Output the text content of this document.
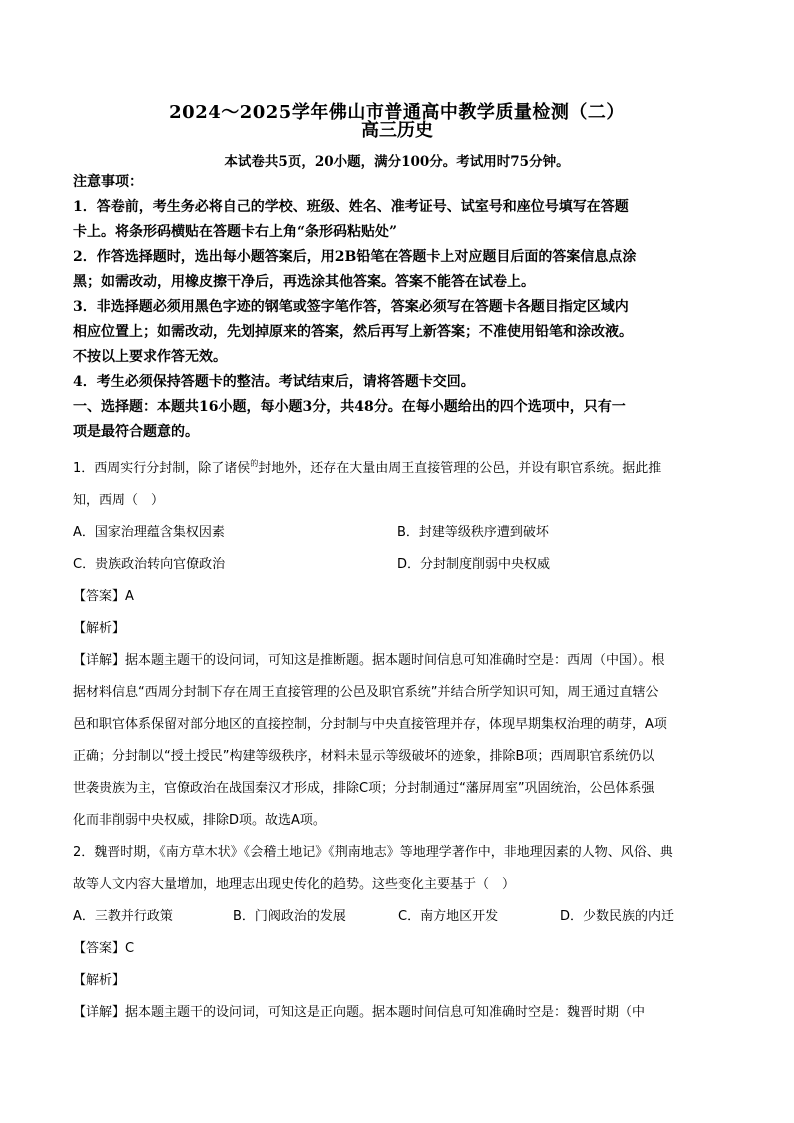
2024～2025学年佛山市普通高中教学质量检测（二）
高三历史
本试卷共5页，20小题，满分100分。考试用时75分钟。

注意事项：

1．答卷前，考生务必将自己的学校、班级、姓名、准考证号、试室号和座位号填写在答题

卡上。将条形码横贴在答题卡右上角“条形码粘贴处”

2．作答选择题时，选出每小题答案后，用2B铅笔在答题卡上对应题目后面的答案信息点涂

黑；如需改动，用橡皮擦干净后，再选涂其他答案。答案不能答在试卷上。

3．非选择题必须用黑色字迹的钢笔或签字笔作答，答案必须写在答题卡各题目指定区域内

相应位置上；如需改动，先划掉原来的答案，然后再写上新答案；不准使用铅笔和涂改液。

不按以上要求作答无效。

4．考生必须保持答题卡的整洁。考试结束后，请将答题卡交回。

一、选择题：本题共16小题，每小题3分，共48分。在每小题给出的四个选项中，只有一

项是最符合题意的。

1．西周实行分封制，除了诸侯$^的$封地外，还存在大量由周王直接管理的公邑，并设有职官系统。据此推

知，西周（　）

A．国家治理蕴含集权因素	B．封建等级秩序遭到破坏
C．贵族政治转向官僚政治	D．分封制度削弱中央权威

【答案】A

【解析】

【详解】据本题主题干的设问词，可知这是推断题。据本题时间信息可知准确时空是：西周（中国）。根

据材料信息“西周分封制下存在周王直接管理的公邑及职官系统”并结合所学知识可知，周王通过直辖公

邑和职官体系保留对部分地区的直接控制，分封制与中央直接管理并存，体现早期集权治理的萌芽，A项

正确；分封制以“授土授民”构建等级秩序，材料未显示等级破坏的迹象，排除B项；西周职官系统仍以

世袭贵族为主，官僚政治在战国秦汉才形成，排除C项；分封制通过“藩屏周室”巩固统治，公邑体系强

化而非削弱中央权威，排除D项。故选A项。

2．魏晋时期，《南方草木状》《会稽土地记》《荆南地志》等地理学著作中，非地理因素的人物、风俗、典

故等人文内容大量增加，地理志出现史传化的趋势。这些变化主要基于（　）

A．三教并行政策	B．门阀政治的发展	C．南方地区开发	D．少数民族的内迁

【答案】C

【解析】

【详解】据本题主题干的设问词，可知这是正向题。据本题时间信息可知准确时空是：魏晋时期（中
